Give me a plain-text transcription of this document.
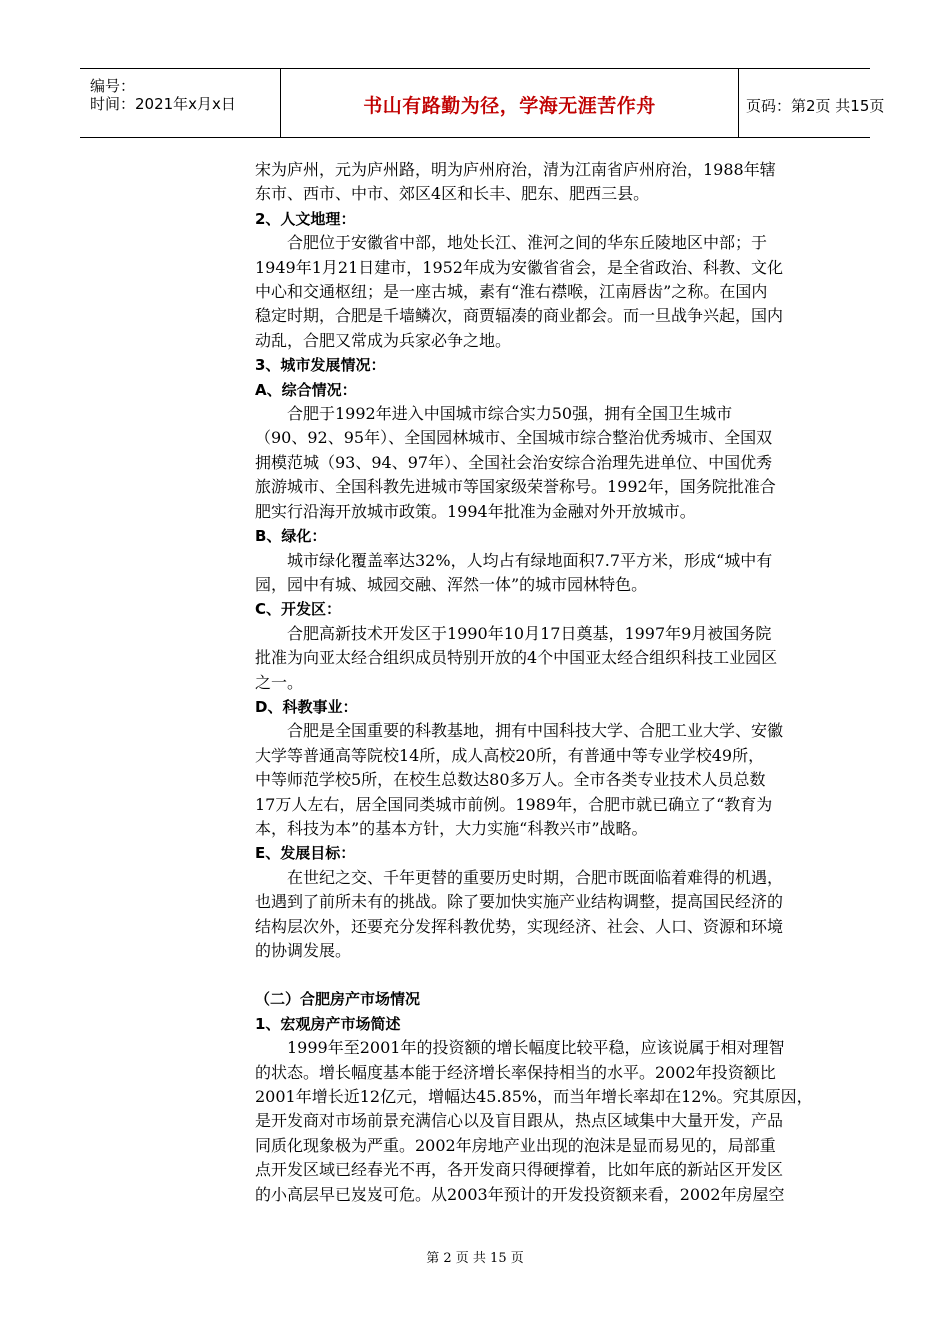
编号：
时间：2021年x月x日	书山有路勤为径，学海无涯苦作舟	页码：第2页 共15页

宋为庐州，元为庐州路，明为庐州府治，清为江南省庐州府治，1988年辖

东市、西市、中市、郊区4区和长丰、肥东、肥西三县。

2、人文地理：

合肥位于安徽省中部，地处长江、淮河之间的华东丘陵地区中部；于

1949年1月21日建市，1952年成为安徽省省会，是全省政治、科教、文化

中心和交通枢纽；是一座古城，素有“淮右襟喉，江南唇齿”之称。在国内

稳定时期，合肥是千墙鳞次，商贾辐凑的商业都会。而一旦战争兴起，国内

动乱，合肥又常成为兵家必争之地。

3、城市发展情况：

A、综合情况：

合肥于1992年进入中国城市综合实力50强，拥有全国卫生城市

（90、92、95年）、全国园林城市、全国城市综合整治优秀城市、全国双

拥模范城（93、94、97年）、全国社会治安综合治理先进单位、中国优秀

旅游城市、全国科教先进城市等国家级荣誉称号。1992年，国务院批准合

肥实行沿海开放城市政策。1994年批准为金融对外开放城市。

B、绿化：

城市绿化覆盖率达32%，人均占有绿地面积7.7平方米，形成“城中有

园，园中有城、城园交融、浑然一体”的城市园林特色。

C、开发区：

合肥高新技术开发区于1990年10月17日奠基，1997年9月被国务院

批准为向亚太经合组织成员特别开放的4个中国亚太经合组织科技工业园区

之一。

D、科教事业：

合肥是全国重要的科教基地，拥有中国科技大学、合肥工业大学、安徽

大学等普通高等院校14所，成人高校20所，有普通中等专业学校49所，

中等师范学校5所，在校生总数达80多万人。全市各类专业技术人员总数

17万人左右，居全国同类城市前例。1989年，合肥市就已确立了“教育为

本，科技为本”的基本方针，大力实施“科教兴市”战略。

E、发展目标：

在世纪之交、千年更替的重要历史时期，合肥市既面临着难得的机遇，

也遇到了前所未有的挑战。除了要加快实施产业结构调整，提高国民经济的

结构层次外，还要充分发挥科教优势，实现经济、社会、人口、资源和环境

的协调发展。

（二）合肥房产市场情况

1、宏观房产市场简述

1999年至2001年的投资额的增长幅度比较平稳，应该说属于相对理智

的状态。增长幅度基本能于经济增长率保持相当的水平。2002年投资额比

2001年增长近12亿元，增幅达45.85%，而当年增长率却在12%。究其原因，

是开发商对市场前景充满信心以及盲目跟从，热点区域集中大量开发，产品

同质化现象极为严重。2002年房地产业出现的泡沫是显而易见的，局部重

点开发区域已经春光不再，各开发商只得硬撑着，比如年底的新站区开发区

的小高层早已岌岌可危。从2003年预计的开发投资额来看，2002年房屋空

第 2 页 共 15 页
